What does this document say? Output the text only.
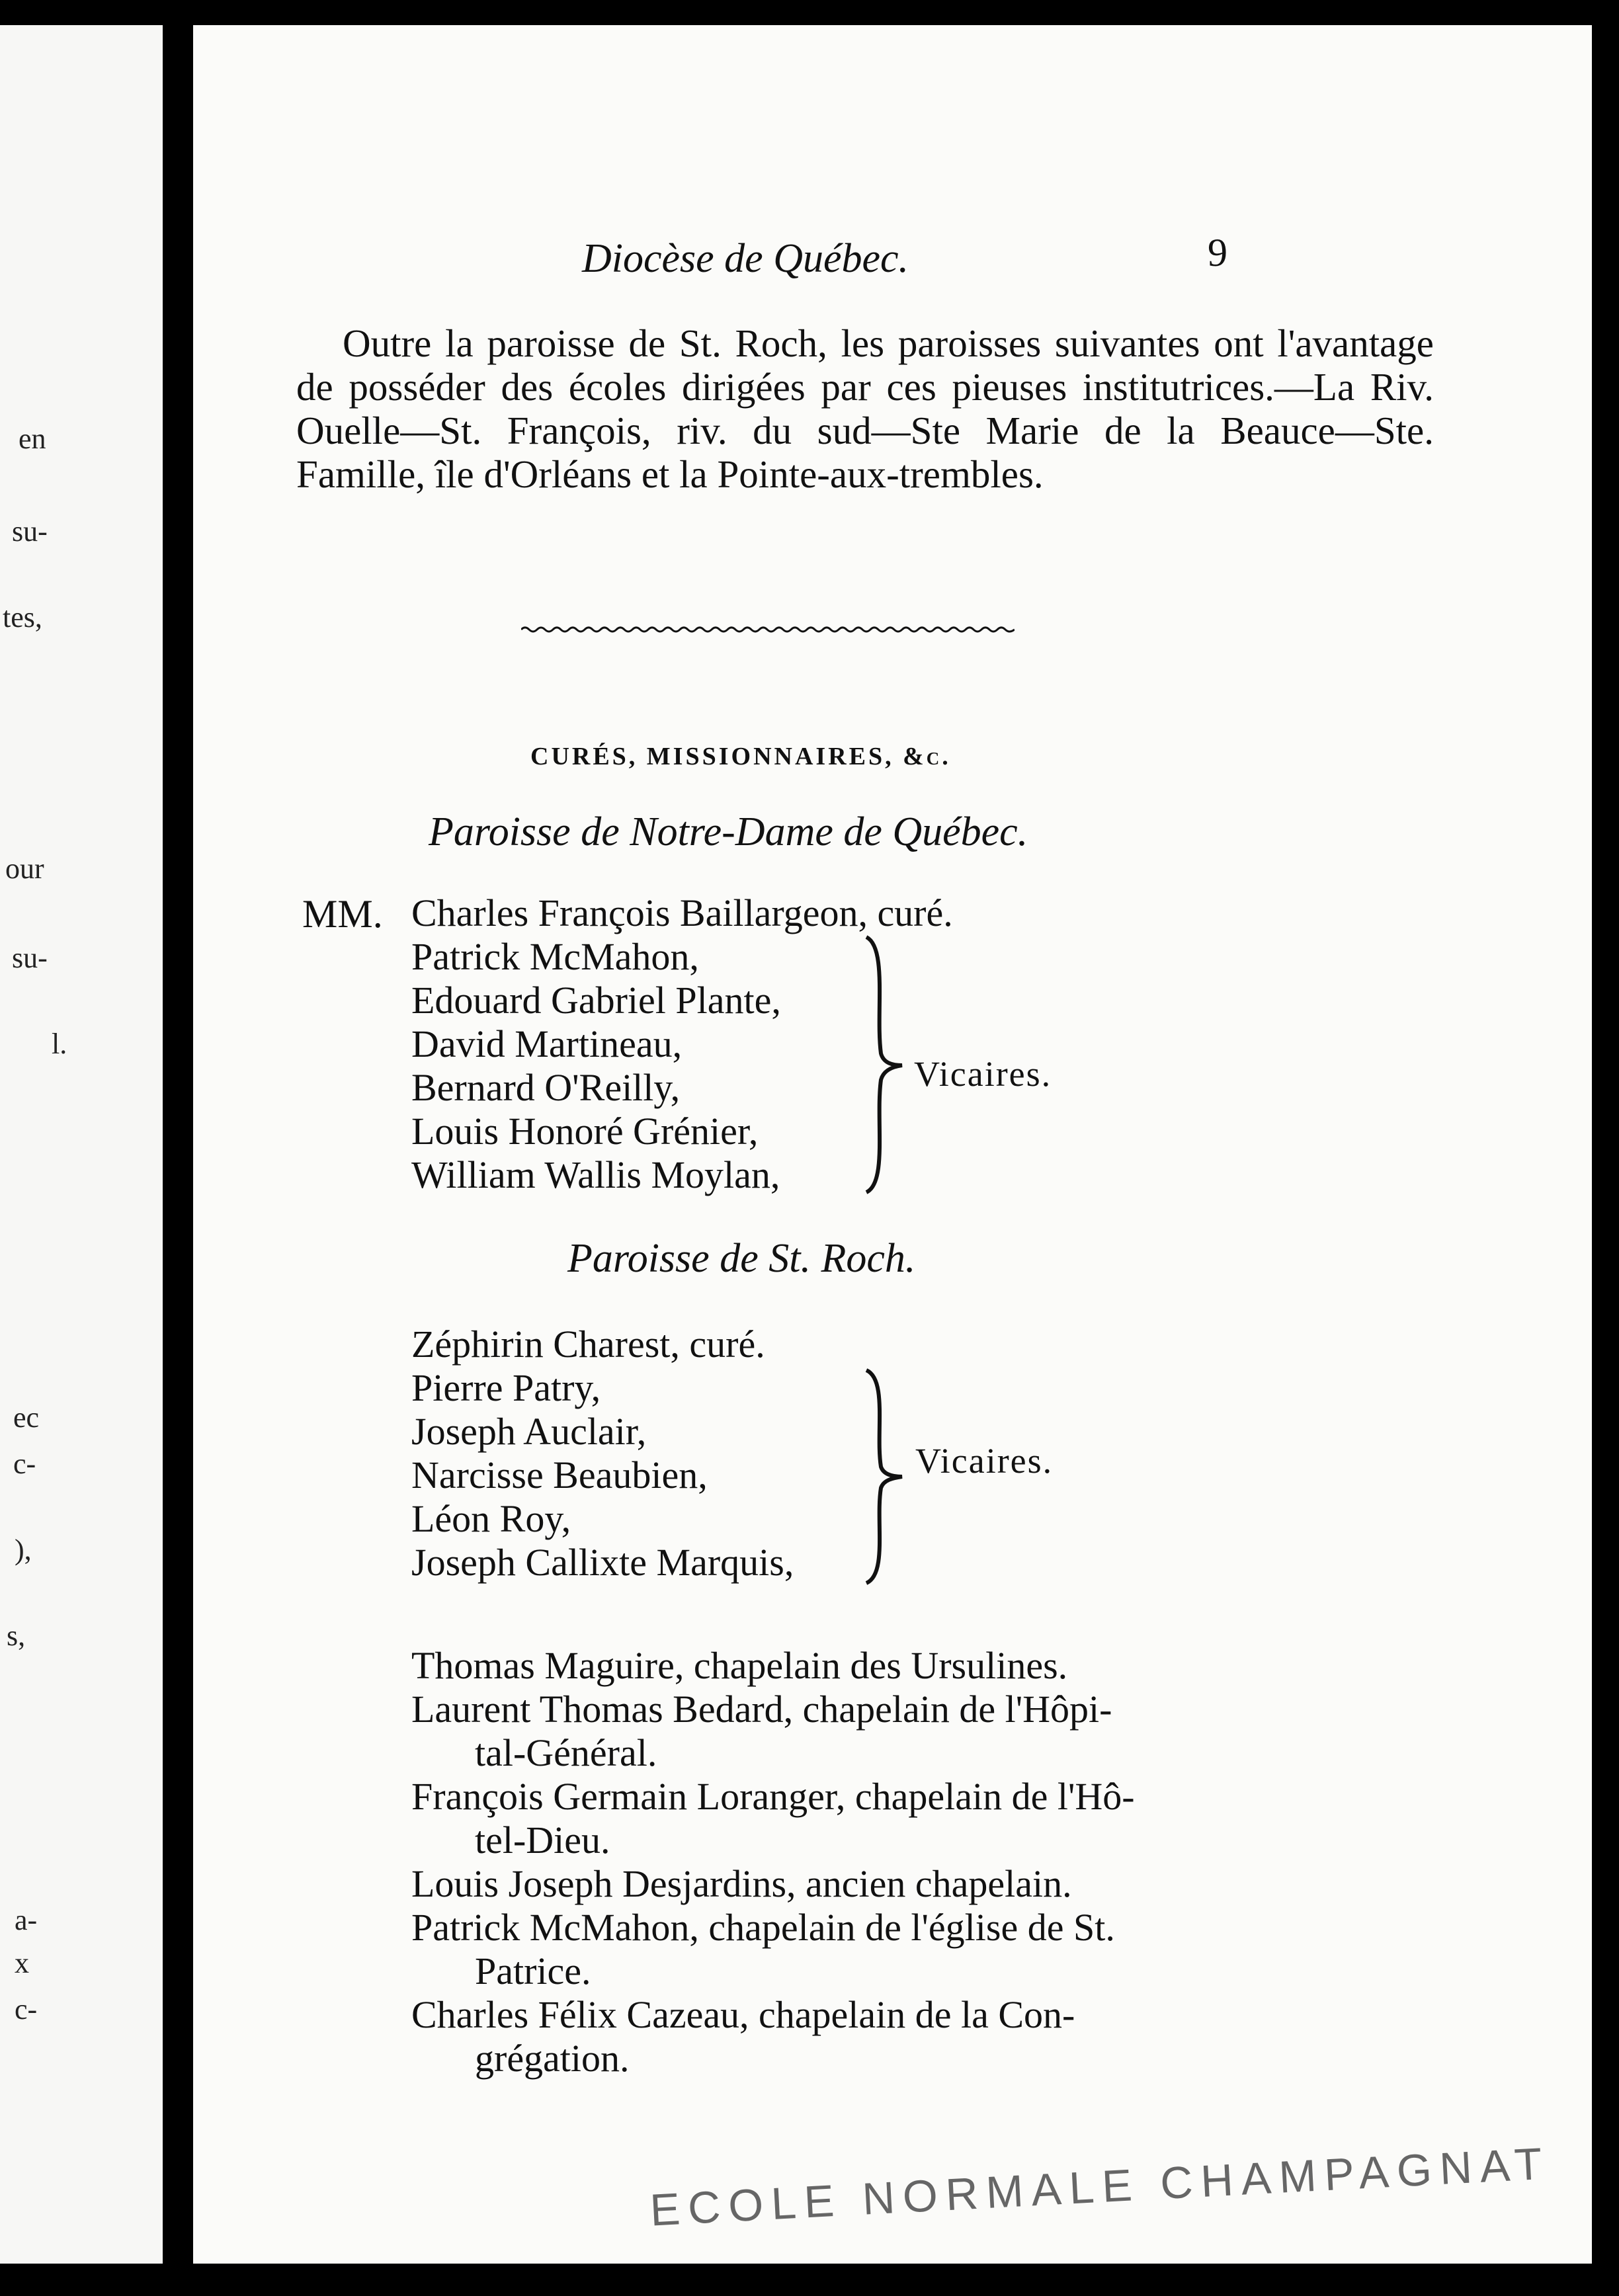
en
su-
tes,
our
su-
l.
ec
c-
),
s,
a-
x
c-
Diocèse de Québec.	9

Outre la paroisse de St. Roch, les paroisses suivantes ont l'avantage de posséder des écoles dirigées par ces pieuses institutrices.—La Riv. Ouelle—St. François, riv. du sud—Ste Marie de la Beauce—Ste. Famille, île d'Orléans et la Pointe-aux-trembles.

CURÉS, MISSIONNAIRES, &c.
Paroisse de Notre-Dame de Québec.
MM. Charles François Baillargeon, curé.
Patrick McMahon,
Edouard Gabriel Plante,
David Martineau,
Bernard O'Reilly,
Louis Honoré Grénier,
William Wallis Moylan,
Vicaires.
Paroisse de St. Roch.
Zéphirin Charest, curé.
Pierre Patry,
Joseph Auclair,
Narcisse Beaubien,
Léon Roy,
Joseph Callixte Marquis,
Vicaires.
Thomas Maguire, chapelain des Ursulines.
Laurent Thomas Bedard, chapelain de l'Hôpi-
tal-Général.
François Germain Loranger, chapelain de l'Hô-
tel-Dieu.
Louis Joseph Desjardins, ancien chapelain.
Patrick McMahon, chapelain de l'église de St.
Patrice.
Charles Félix Cazeau, chapelain de la Con-
grégation.
ECOLE NORMALE CHAMPAGNAT
